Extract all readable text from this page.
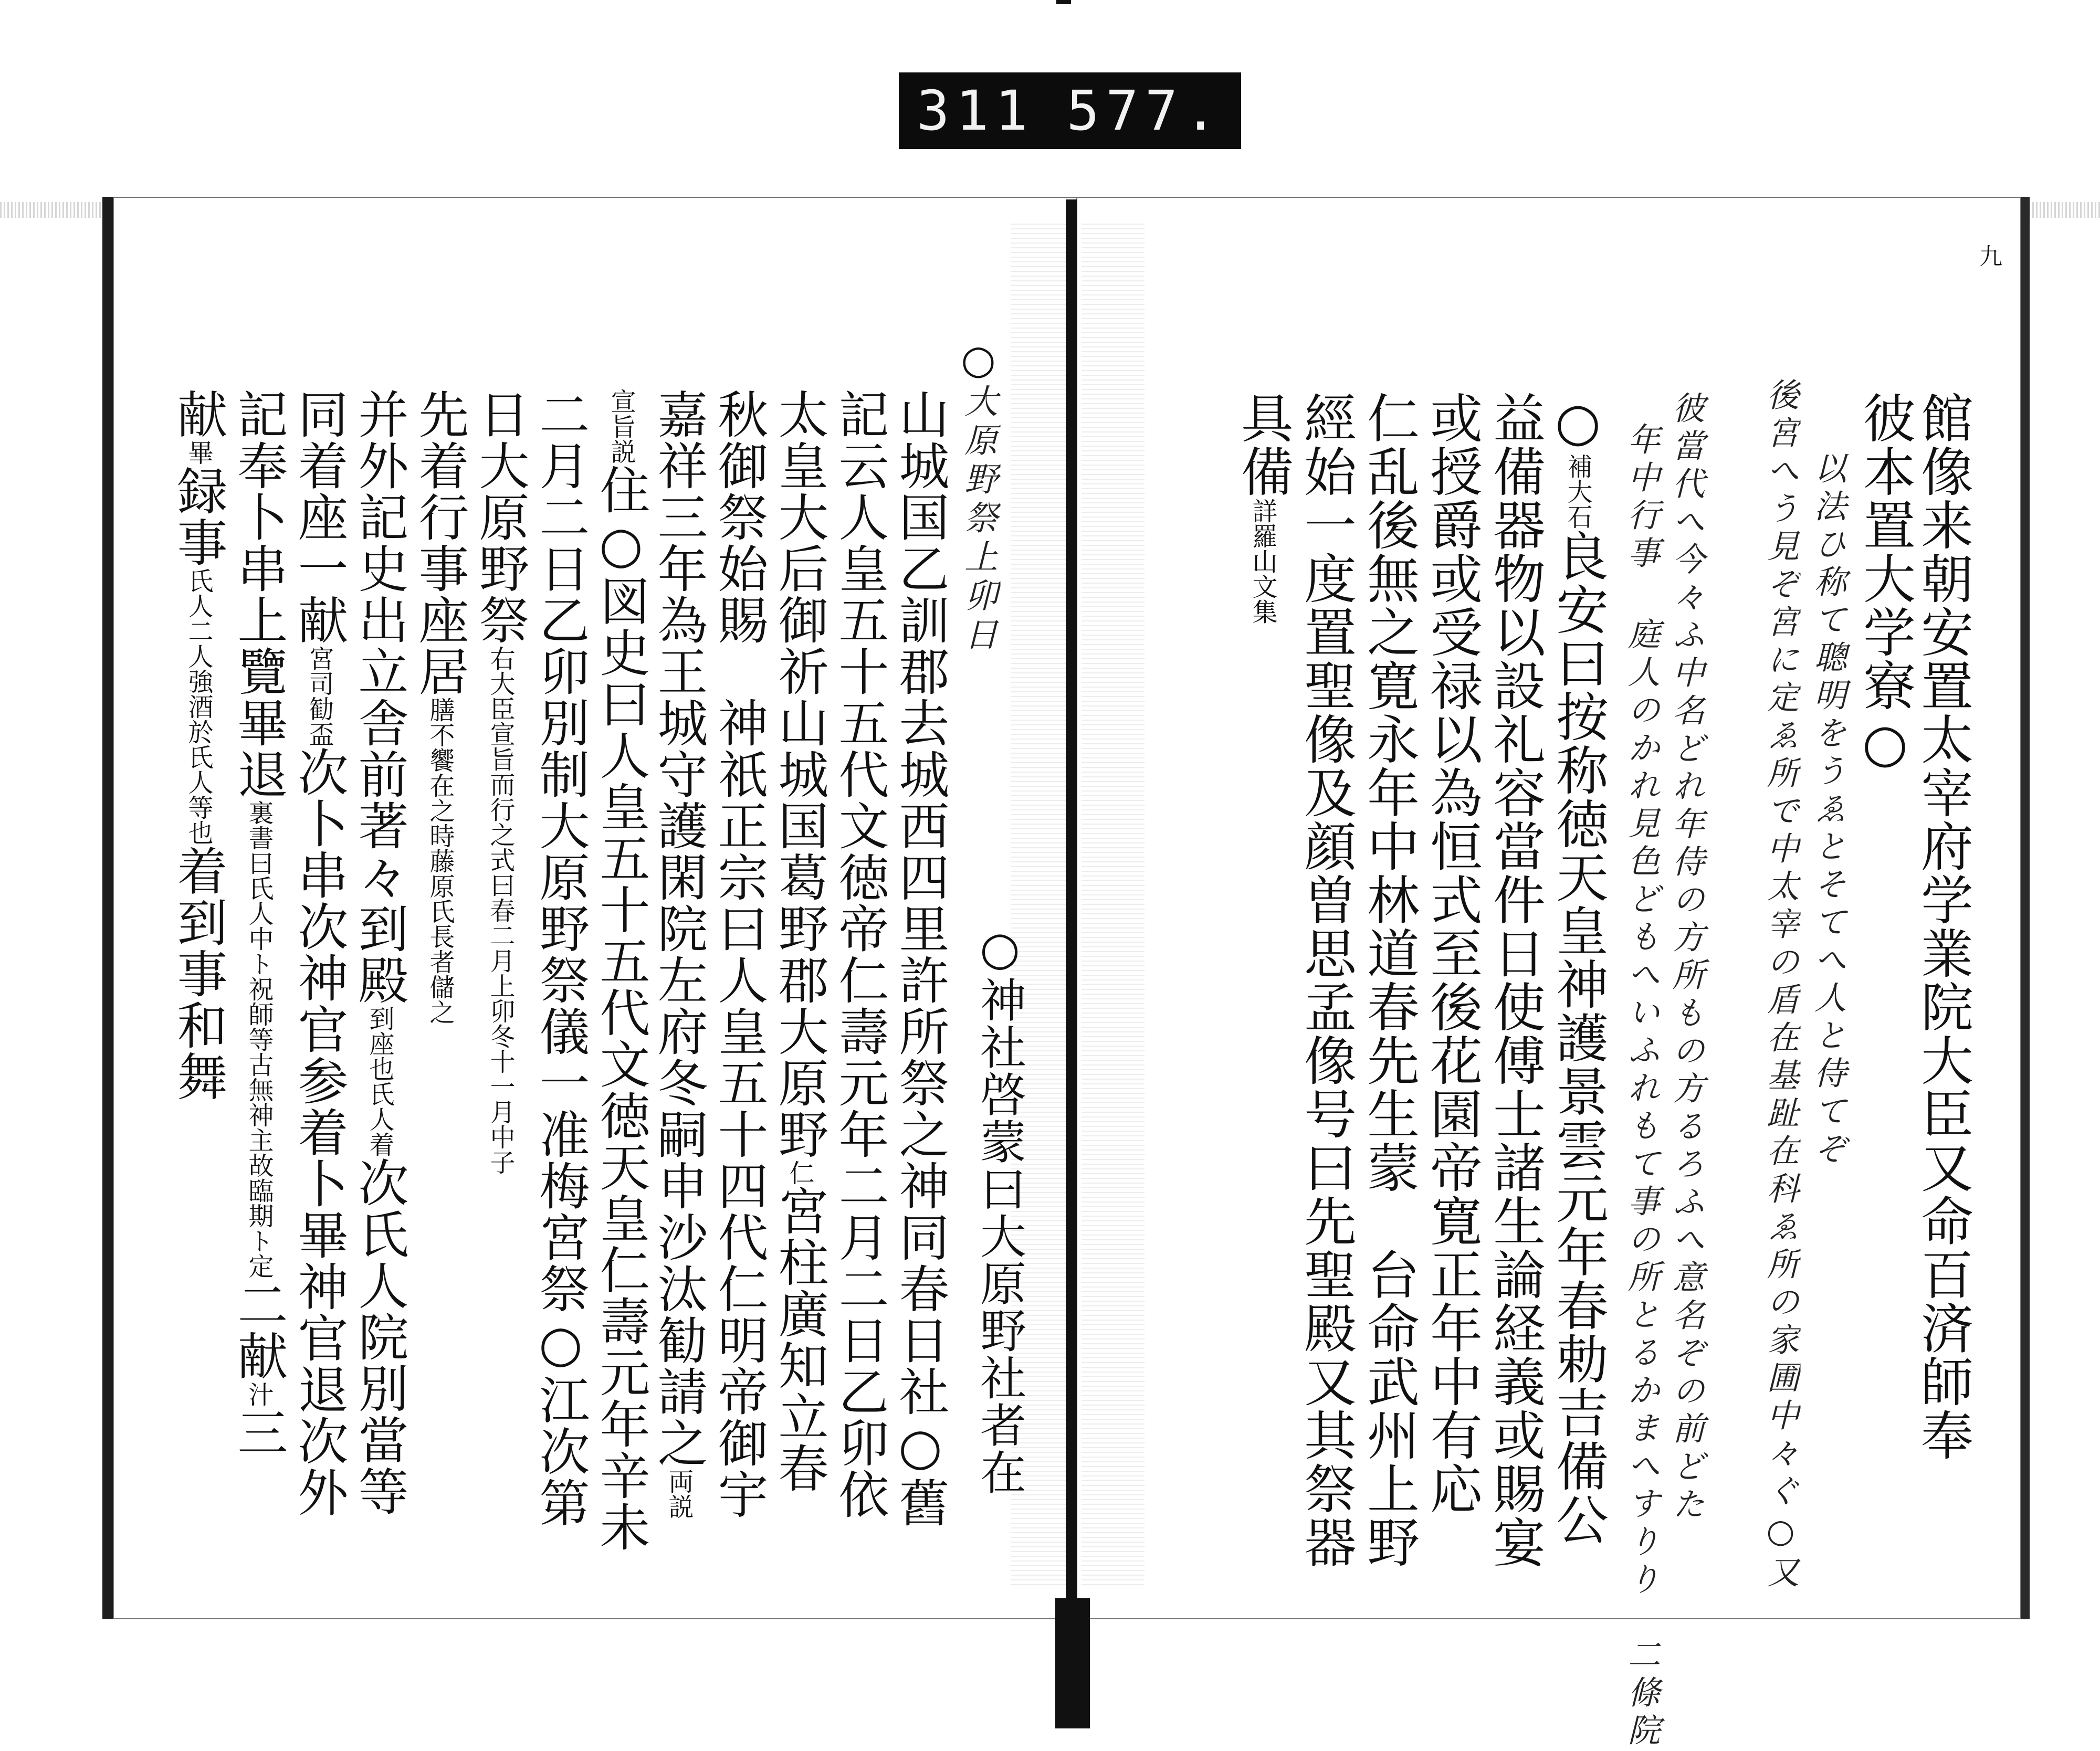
311 577.
九
館像来朝安置太宰府学業院大臣又命百済師奉
彼本置大学寮○
以法ひ称て聰明をうゑとそてへ人と侍てぞ
後宮へう見ぞ宮に定ゑ所で中太宰の盾在基趾在科ゑ所の家圃中々ぐ○又
彼當代へ今々ふ中名どれ年侍の方所もの方るろふへ意名ぞの前どた
年中行事 庭人のかれ見色どもへいふれもて事の所とるかまへすりり　二條院
○補大石良安曰按称徳天皇神護景雲元年春勅吉備公
益備器物以設礼容當件日使傅士諸生論経義或賜宴
或授爵或受禄以為恒式至後花園帝寛正年中有応
仁乱後無之寛永年中林道春先生蒙　台命武州上野
經始一度置聖像及顔曽思孟像号曰先聖殿又其祭器
具備詳羅山文集
○神社啓蒙曰大原野社者在
○大原野祭上卯日
山城国乙訓郡去城西四里許所祭之神同春日社○舊
記云人皇五十五代文徳帝仁壽元年二月二日乙卯依
太皇大后御祈山城国葛野郡大原野仁宮柱廣知立春
秋御祭始賜　神祇正宗曰人皇五十四代仁明帝御宇
嘉祥三年為王城守護閑院左府冬嗣申沙汰勧請之両説
宣旨説住○図史曰人皇五十五代文徳天皇仁壽元年辛未
二月二日乙卯別制大原野祭儀一准梅宮祭○江次第
日大原野祭右大臣宣旨而行之式曰春二月上卯冬十一月中子
先着行事座居膳不饗在之時藤原氏長者儲之
并外記史出立舎前著々到殿到座也氏人着次氏人院別當等
同着座一献宮司勧盃次卜串次神官参着卜畢神官退次外
記奉卜串上覽畢退裏書曰氏人中ト祝師等古無神主故臨期ト定二献汁三
献畢録事氏人二人強酒於氏人等也着到事和舞
